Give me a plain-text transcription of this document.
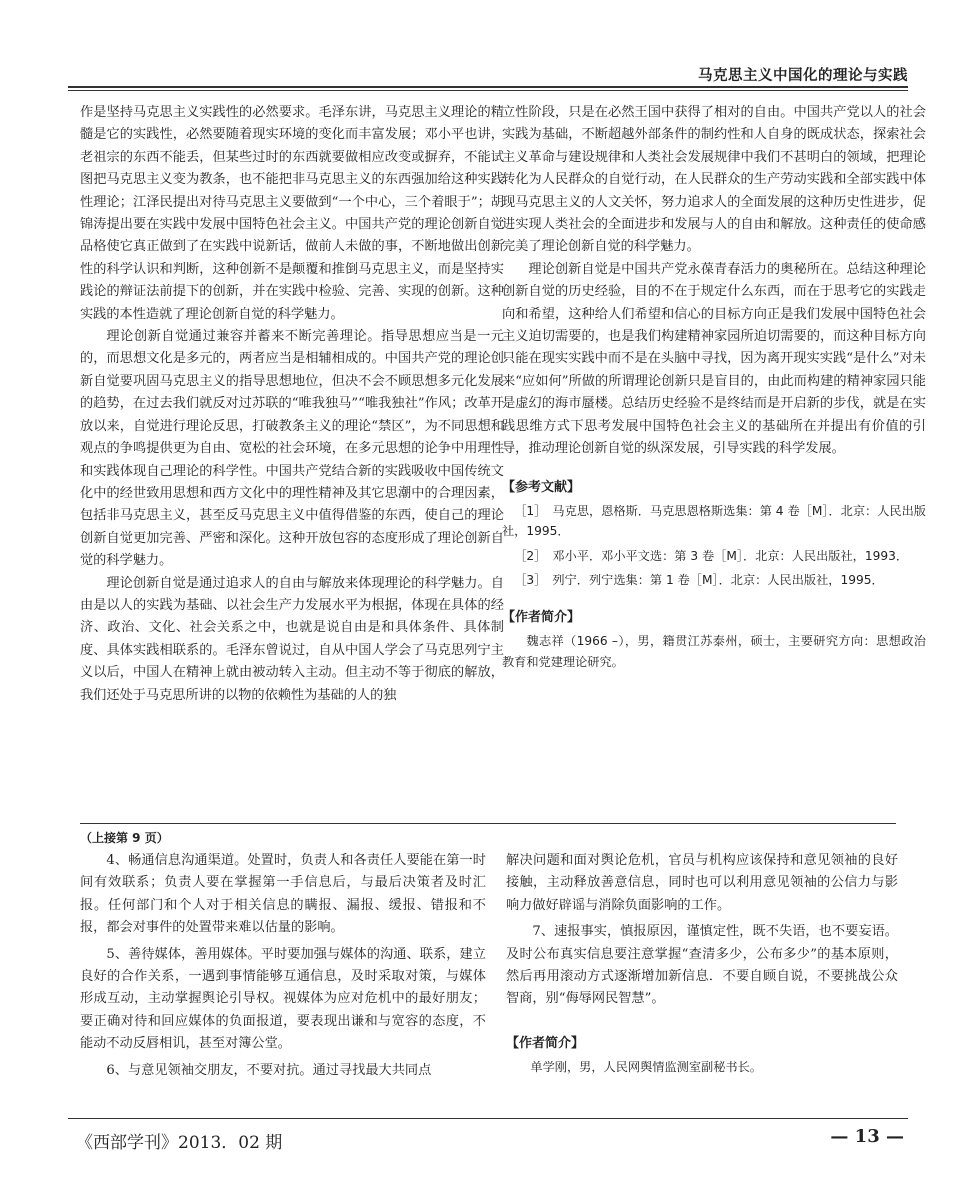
马克思主义中国化的理论与实践

作是坚持马克思主义实践性的必然要求。毛泽东讲，马克思主义理论的精髓是它的实践性，必然要随着现实环境的变化而丰富发展；邓小平也讲，老祖宗的东西不能丢，但某些过时的东西就要做相应改变或摒弃，不能试图把马克思主义变为教条，也不能把非马克思主义的东西强加给这种实践性理论；江泽民提出对待马克思主义要做到“一个中心，三个着眼于”；胡锦涛提出要在实践中发展中国特色社会主义。中国共产党的理论创新自觉品格使它真正做到了在实践中说新话，做前人未做的事，不断地做出创新性的科学认识和判断，这种创新不是颠覆和推倒马克思主义，而是坚持实践论的辩证法前提下的创新，并在实践中检验、完善、实现的创新。这种实践的本性造就了理论创新自觉的科学魅力。

理论创新自觉通过兼容并蓄来不断完善理论。指导思想应当是一元的，而思想文化是多元的，两者应当是相辅相成的。中国共产党的理论创新自觉要巩固马克思主义的指导思想地位，但决不会不顾思想多元化发展的趋势，在过去我们就反对过苏联的“唯我独马”“唯我独社”作风；改革开放以来，自觉进行理论反思，打破教条主义的理论“禁区”，为不同思想和观点的争鸣提供更为自由、宽松的社会环境，在多元思想的论争中用理性和实践体现自己理论的科学性。中国共产党结合新的实践吸收中国传统文化中的经世致用思想和西方文化中的理性精神及其它思潮中的合理因素，包括非马克思主义，甚至反马克思主义中值得借鉴的东西，使自己的理论创新自觉更加完善、严密和深化。这种开放包容的态度形成了理论创新自觉的科学魅力。

理论创新自觉是通过追求人的自由与解放来体现理论的科学魅力。自由是以人的实践为基础、以社会生产力发展水平为根据，体现在具体的经济、政治、文化、社会关系之中，也就是说自由是和具体条件、具体制度、具体实践相联系的。毛泽东曾说过，自从中国人学会了马克思列宁主义以后，中国人在精神上就由被动转入主动。但主动不等于彻底的解放，我们还处于马克思所讲的以物的依赖性为基础的人的独

立性阶段，只是在必然王国中获得了相对的自由。中国共产党以人的社会实践为基础，不断超越外部条件的制约性和人自身的既成状态，探索社会主义革命与建设规律和人类社会发展规律中我们不甚明白的领域，把理论转化为人民群众的自觉行动，在人民群众的生产劳动实践和全部实践中体现马克思主义的人文关怀，努力追求人的全面发展的这种历史性进步，促进实现人类社会的全面进步和发展与人的自由和解放。这种责任的使命感完美了理论创新自觉的科学魅力。

理论创新自觉是中国共产党永葆青春活力的奥秘所在。总结这种理论创新自觉的历史经验，目的不在于规定什么东西，而在于思考它的实践走向和希望，这种给人们希望和信心的目标方向正是我们发展中国特色社会主义迫切需要的，也是我们构建精神家园所迫切需要的，而这种目标方向只能在现实实践中而不是在头脑中寻找，因为离开现实实践“是什么”对未来“应如何”所做的所谓理论创新只是盲目的，由此而构建的精神家园只能是虚幻的海市蜃楼。总结历史经验不是终结而是开启新的步伐，就是在实践思维方式下思考发展中国特色社会主义的基础所在并提出有价值的引导，推动理论创新自觉的纵深发展，引导实践的科学发展。

【参考文献】
［1］　马克思，恩格斯．马克思恩格斯选集：第 4 卷［M］．北京：人民出版社，1995．
［2］　邓小平．邓小平文选：第 3 卷［M］．北京：人民出版社，1993．
［3］　列宁．列宁选集：第 1 卷［M］．北京：人民出版社，1995．
【作者简介】
魏志祥（1966 –），男，籍贯江苏泰州，硕士，主要研究方向：思想政治教育和党建理论研究。
（上接第 9 页）

4、畅通信息沟通渠道。处置时，负责人和各责任人要能在第一时间有效联系；负责人要在掌握第一手信息后，与最后决策者及时汇报。任何部门和个人对于相关信息的瞒报、漏报、缓报、错报和不报，都会对事件的处置带来难以估量的影响。

5、善待媒体，善用媒体。平时要加强与媒体的沟通、联系，建立良好的合作关系，一遇到事情能够互通信息，及时采取对策，与媒体形成互动，主动掌握舆论引导权。视媒体为应对危机中的最好朋友；要正确对待和回应媒体的负面报道，要表现出谦和与宽容的态度，不能动不动反唇相讥，甚至对簿公堂。

6、与意见领袖交朋友，不要对抗。通过寻找最大共同点

解决问题和面对舆论危机，官员与机构应该保持和意见领袖的良好接触，主动释放善意信息，同时也可以利用意见领袖的公信力与影响力做好辟谣与消除负面影响的工作。

7、速报事实，慎报原因，谨慎定性，既不失语，也不要妄语。及时公布真实信息要注意掌握“查清多少，公布多少”的基本原则，然后再用滚动方式逐渐增加新信息．不要自顾自说，不要挑战公众智商，别“侮辱网民智慧”。

【作者简介】
单学刚，男，人民网舆情监测室副秘书长。
《西部学刊》2013．02 期	— 13 —
